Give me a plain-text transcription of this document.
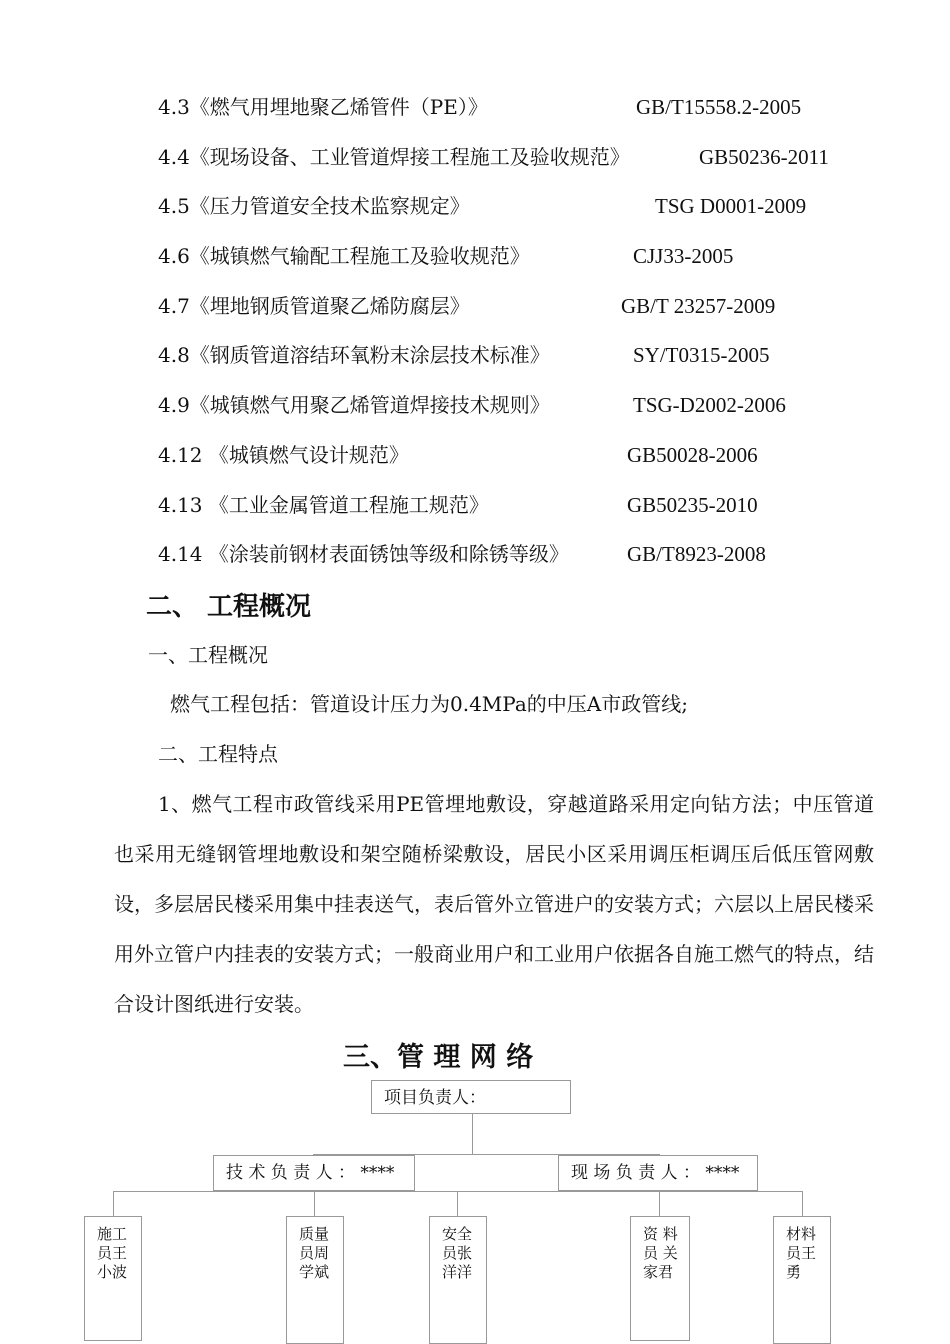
4.3《燃气用埋地聚乙烯管件（PE）》	GB/T15558.2-2005
4.4《现场设备、工业管道焊接工程施工及验收规范》	GB50236-2011
4.5《压力管道安全技术监察规定》	TSG D0001-2009
4.6《城镇燃气输配工程施工及验收规范》	CJJ33-2005
4.7《埋地钢质管道聚乙烯防腐层》	GB/T 23257-2009
4.8《钢质管道溶结环氧粉末涂层技术标准》	SY/T0315-2005
4.9《城镇燃气用聚乙烯管道焊接技术规则》	TSG-D2002-2006
4.12 《城镇燃气设计规范》	GB50028-2006
4.13 《工业金属管道工程施工规范》	GB50235-2010
4.14 《涂装前钢材表面锈蚀等级和除锈等级》	GB/T8923-2008
二、 工程概况
一、工程概况
燃气工程包括：管道设计压力为0.4MPa的中压A市政管线;
二、工程特点
1、燃气工程市政管线采用PE管埋地敷设，穿越道路采用定向钻方法；中压管道也采用无缝钢管埋地敷设和架空随桥梁敷设，居民小区采用调压柜调压后低压管网敷设，多层居民楼采用集中挂表送气，表后管外立管进户的安装方式；六层以上居民楼采用外立管户内挂表的安装方式；一般商业用户和工业用户依据各自施工燃气的特点，结合设计图纸进行安装。
三、管 理 网 络
项目负责人：
技 术 负 责 人 ： ****	现 场 负 责 人 ： ****
施工员王小波
质量员周学斌
安全员张洋洋
资 料员 关 家君
材料员王勇
